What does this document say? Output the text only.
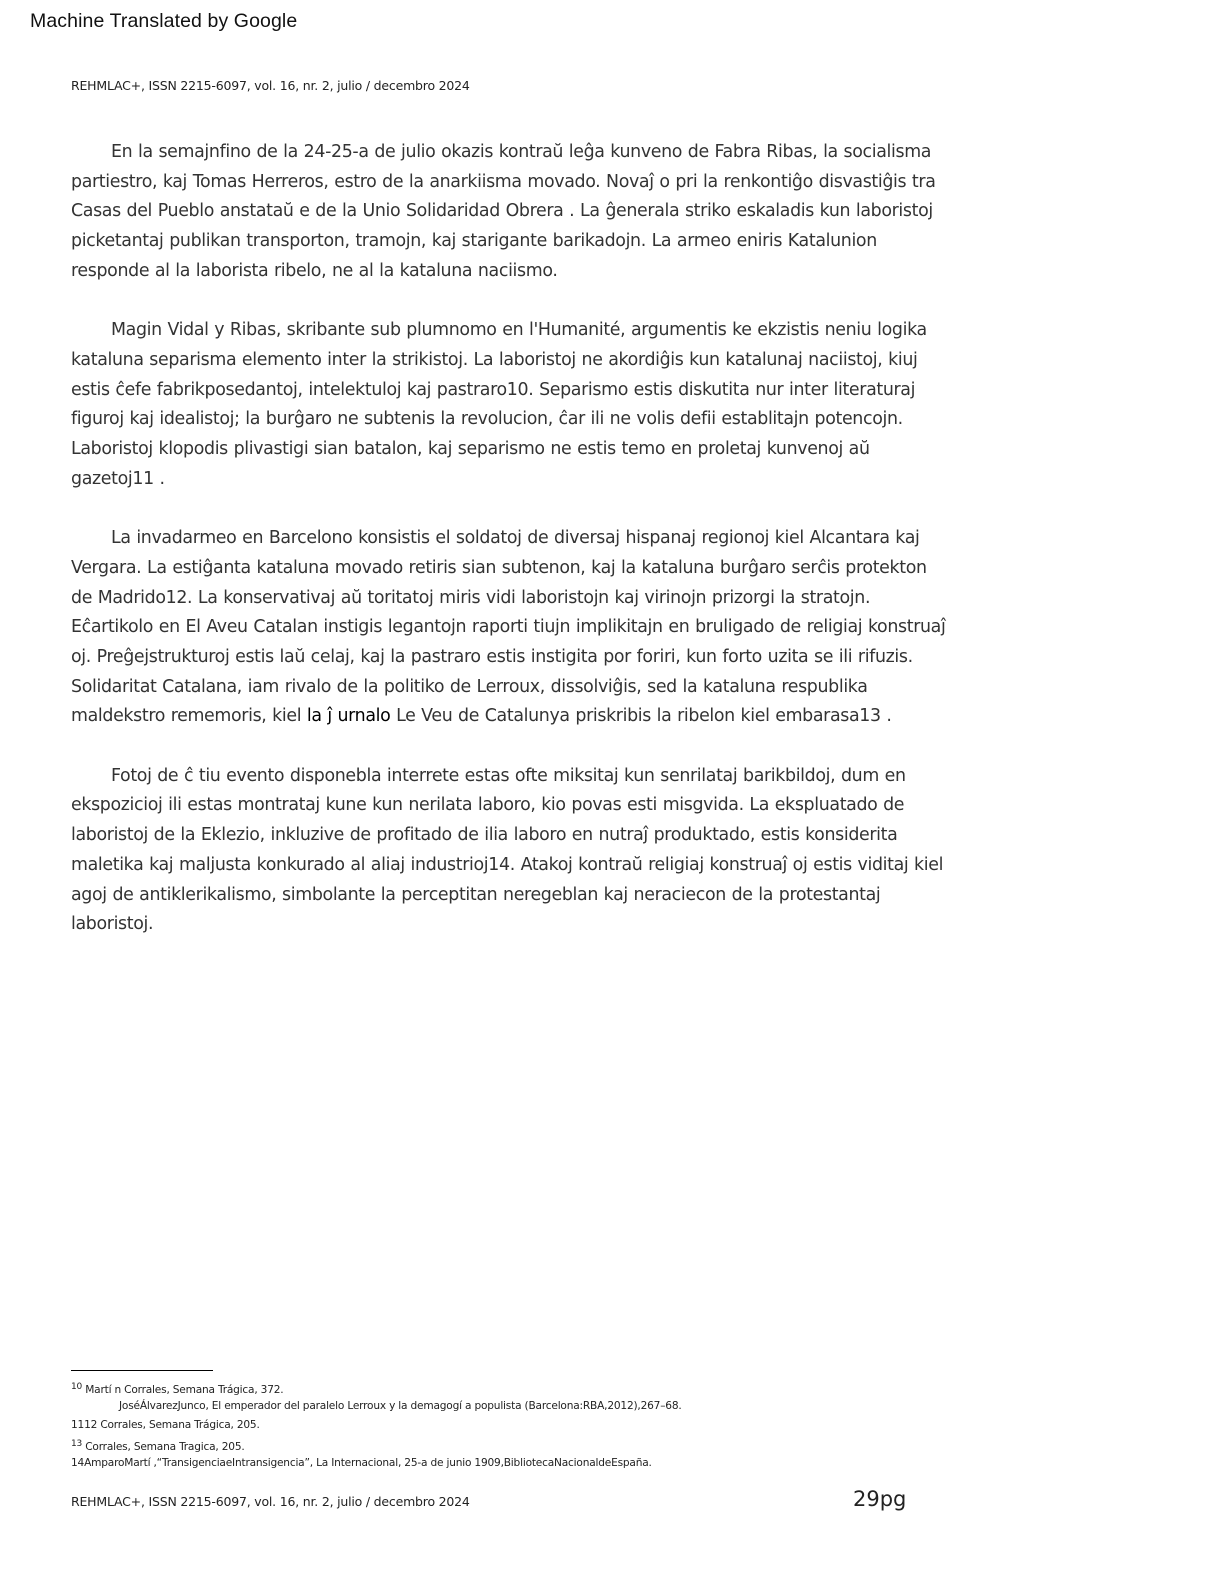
Machine Translated by Google
REHMLAC+, ISSN 2215-6097, vol. 16, nr. 2, julio / decembro 2024

En la semajnfino de la 24-25-a de julio okazis kontraŭ leĝa kunveno de Fabra Ribas, la socialisma partiestro, kaj Tomas Herreros, estro de la anarkiisma movado. Novaĵ o pri la renkontiĝo disvastiĝis tra Casas del Pueblo anstataŭ e de la Unio Solidaridad Obrera . La ĝenerala striko eskaladis kun laboristoj picketantaj publikan transporton, tramojn, kaj starigante barikadojn. La armeo eniris Katalunion responde al la laborista ribelo, ne al la kataluna naciismo.

Magin Vidal y Ribas, skribante sub plumnomo en l'Humanité, argumentis ke ekzistis neniu logika kataluna separisma elemento inter la strikistoj. La laboristoj ne akordiĝis kun katalunaj naciistoj, kiuj estis ĉefe fabrikposedantoj, intelektuloj kaj pastraro10. Separismo estis diskutita nur inter literaturaj figuroj kaj idealistoj; la burĝaro ne subtenis la revolucion, ĉar ili ne volis defii establitajn potencojn. Laboristoj klopodis plivastigi sian batalon, kaj separismo ne estis temo en proletaj kunvenoj aŭ gazetoj11 .

La invadarmeo en Barcelono konsistis el soldatoj de diversaj hispanaj regionoj kiel Alcantara kaj Vergara. La estiĝanta kataluna movado retiris sian subtenon, kaj la kataluna burĝaro serĉis protekton de Madrido12. La konservativaj aŭ toritatoj miris vidi laboristojn kaj virinojn prizorgi la stratojn. Eĉartikolo en El Aveu Catalan instigis legantojn raporti tiujn implikitajn en bruligado de religiaj konstruaĵ oj. Preĝejstrukturoj estis laŭ celaj, kaj la pastraro estis instigita por foriri, kun forto uzita se ili rifuzis. Solidaritat Catalana, iam rivalo de la politiko de Lerroux, dissolviĝis, sed la kataluna respublika maldekstro rememoris, kiel la ĵ urnalo Le Veu de Catalunya priskribis la ribelon kiel embarasa13 .

Fotoj de ĉ tiu evento disponebla interrete estas ofte miksitaj kun senrilataj barikbildoj, dum en ekspozicioj ili estas montrataj kune kun nerilata laboro, kio povas esti misgvida. La ekspluatado de laboristoj de la Eklezio, inkluzive de profitado de ilia laboro en nutraĵ produktado, estis konsiderita maletika kaj maljusta konkurado al aliaj industrioj14. Atakoj kontraŭ religiaj konstruaĵ oj estis viditaj kiel agoj de antiklerikalismo, simbolante la perceptitan neregeblan kaj neraciecon de la protestantaj laboristoj.

$^{10}$ Martí n Corrales, Semana Trágica, 372.
JoséÁlvarezJunco, El emperador del paralelo Lerroux y la demagogí a populista (Barcelona:RBA,2012),267–68.
1112 Corrales, Semana Trágica, 205.
$^{13}$ Corrales, Semana Tragica, 205.
14AmparoMartí ,“TransigenciaeIntransigencia”, La Internacional, 25-a de junio 1909,BibliotecaNacionaldeEspaña.
REHMLAC+, ISSN 2215-6097, vol. 16, nr. 2, julio / decembro 2024	29pg
